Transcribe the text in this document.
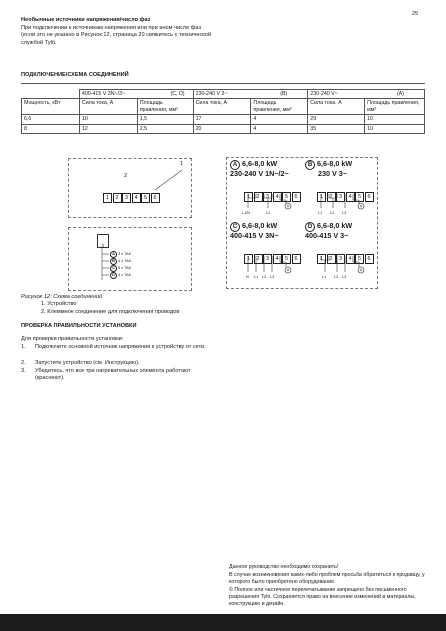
25
Необычные источники напряжения/число фаз
При подключении к источникам напряжения или при ином числе фаз (если это не указано в Рисунок 12, страница 20 свяжитесь с технической службой Tylö.
ПОДКЛЮЧЕНИЕ/СХЕМА СОЕДИНЕНИЙ
	400-415 V 3N~/3~ (C, D)		230-240 V 3~ (B)		230-240 V~ (A)	

Мощность, кВт	Сила тока, А	Площадь правления, мм²	Сила тока, А	Площадь правления, мм²	Сила тока, А	Площадь правления, мм²
6,6	10	1,5	17	4	29	10
8	12	2,5	20	4	35	10
1
2
1 2 3 4 5 6
1
A 3 x TA8
B 4 x TA8
C 5 x TA8
D 4 x TA8
A 6,6-8,0 kW
230-240 V 1N~/2~
1 2 3 4 5 6
L1/N	L2
B 6,6-8,0 kW
230 V 3~
1 2 3 4 5 6
L1 L2 L3
C 6,6-8,0 kW
400-415 V 3N~
1 2 3 4 5 6
N L1 L2 L3
D 6,6-8,0 kW
400-415 V 3~
1 2 3 4 5 6
L1 L2 L3
Рисунок 12: Схема соединений
1. Устройство
2. Клеммное соединение для подключения проводов
ПРОВЕРКА ПРАВИЛЬНОСТИ УСТАНОВКИ
Для проверки правильности установки:
1. Подключите основной источник напряжения к устройству от сети.
2. Запустите устройство (см. Инструкцию).
3. Убедитесь, что все три нагревательных элемента работают (краснеют).
Данное руководство необходимо сохранить!
В случае возникновения каких-либо проблем просьба обратиться к продавцу, у которого было приобретено оборудование.
© Полное или частичное перепечатывание запрещено без письменного разрешения Tylö. Сохраняется право на внесение изменений в материалы, конструкцию и дизайн.
